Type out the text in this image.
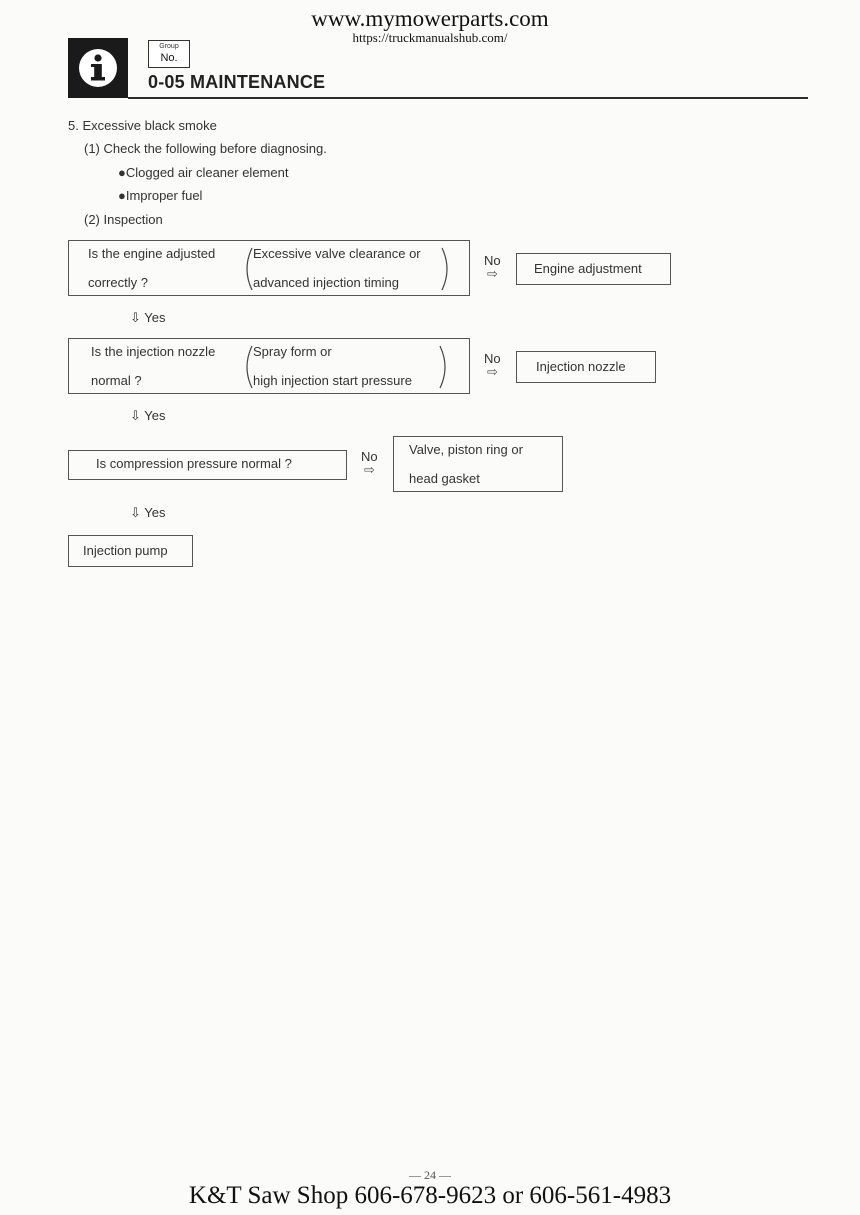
www.mymowerparts.com
https://truckmanualshub.com/
Group
No.
0-05 MAINTENANCE
5. Excessive black smoke
(1) Check the following before diagnosing.
●Clogged air cleaner element
●Improper fuel
(2) Inspection
Is the engine adjusted
correctly ?
Excessive valve clearance or
advanced injection timing
No
⇨	Engine adjustment
⇩ Yes
Is the injection nozzle
normal ?
Spray form or
high injection start pressure
No
⇨	Injection nozzle
⇩ Yes
Is compression pressure normal ?	No
⇨
Valve, piston ring or
head gasket
⇩ Yes
Injection pump
— 24 —
K&T Saw Shop 606-678-9623 or 606-561-4983
